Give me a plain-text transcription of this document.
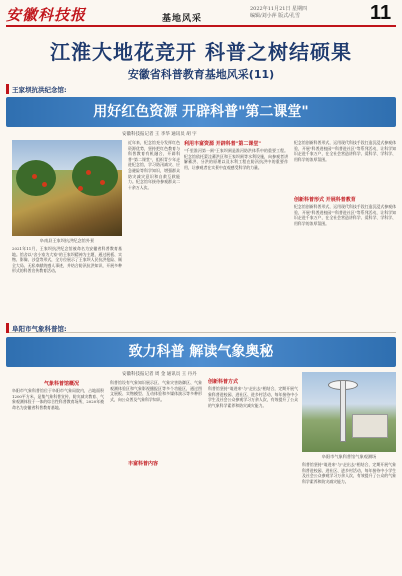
安徽科技报	基地风采
2022年11月21日 星期四
编辑/刘小萍 版式/孔雪	11
江淮大地花竞开 科普之树结硕果
安徽省科普教育基地风采(11)
王家坝抗洪纪念馆:
用好红色资源 开辟科普"第二课堂"
安徽科技报记者 王 李华 通讯员 胡 宇
阜南县王家坝抗洪纪念馆外景
2021年11月，王家坝抗洪纪念馆被命名为安徽省科普教育基地。馆舍以"舍小家为大家"的王家坝精神为主题，通过展板、实物、影像、沙盘等形式，全方位展示了王家坝人民抗洪抢险、顾全大局、无私奉献的感人事迹，并结合防汛抗洪知识，开展多种形式的科普宣传教育活动。
近年来，纪念馆充分发挥红色资源优势，坚持把红色教育与科普教育有机融合，开辟科普"第二课堂"，组织青少年走进纪念馆，学习防汛减灾、应急避险等科学知识，增强群众防灾减灾意识和自救互救能力。纪念馆年接待参观群众二十余万人次。
利用丰富资源 开辟科普"第二课堂"
"千里淮河第一闸"王家坝闸是淮河防洪体系中的重要工程。纪念馆依托蒙洼蓄洪区和王家坝闸等水利设施，向参观者讲解蓄洪、分洪的原理以及水利工程在防汛抗洪中的重要作用，让参观者在实景中直观感受科学的力量。
创新科普形式 开展科普教育
纪念馆创新科普形式，运用现代科技手段打造沉浸式参观体验，开展"科普进校园""科普进社区"等系列活动，让科学知识走进千家万户，在全社会营造讲科学、爱科学、学科学、用科学的浓厚氛围。
纪念馆创新科普形式，运用现代科技手段打造沉浸式参观体验，开展"科普进校园""科普进社区"等系列活动，让科学知识走进千家万户，在全社会营造讲科学、爱科学、学科学、用科学的浓厚氛围。
阜阳市气象科普馆:
致力科普 解读气象奥秘
安徽科技报记者 周 金 通讯员 王 丹丹
气象科普馆概况
阜阳市气象科普馆位于阜阳市气象局院内，占地面积1200平方米，是集气象科普宣传、防灾减灾教育、气象观测体验于一体的综合性科普教育场所，2020年被命名为安徽省科普教育基地。
丰富科普内容
科普馆设有气象知识展示区、气象灾害防御区、气象观测体验区和气象影视播报区等多个功能区，通过图文展板、实物模型、互动体验和多媒体演示等多种形式，向公众普及气象科学知识。
创新科普方式
科普馆坚持"请进来"与"走出去"相结合，定期开展气象科普进校园、进社区、进乡村活动，每年接待中小学生及社会公众参观学习万余人次，有效提升了公众的气象科学素养和防灾减灾能力。
阜阳市气象科普馆气象观测场
科普馆坚持"请进来"与"走出去"相结合，定期开展气象科普进校园、进社区、进乡村活动，每年接待中小学生及社会公众参观学习万余人次，有效提升了公众的气象科学素养和防灾减灾能力。
